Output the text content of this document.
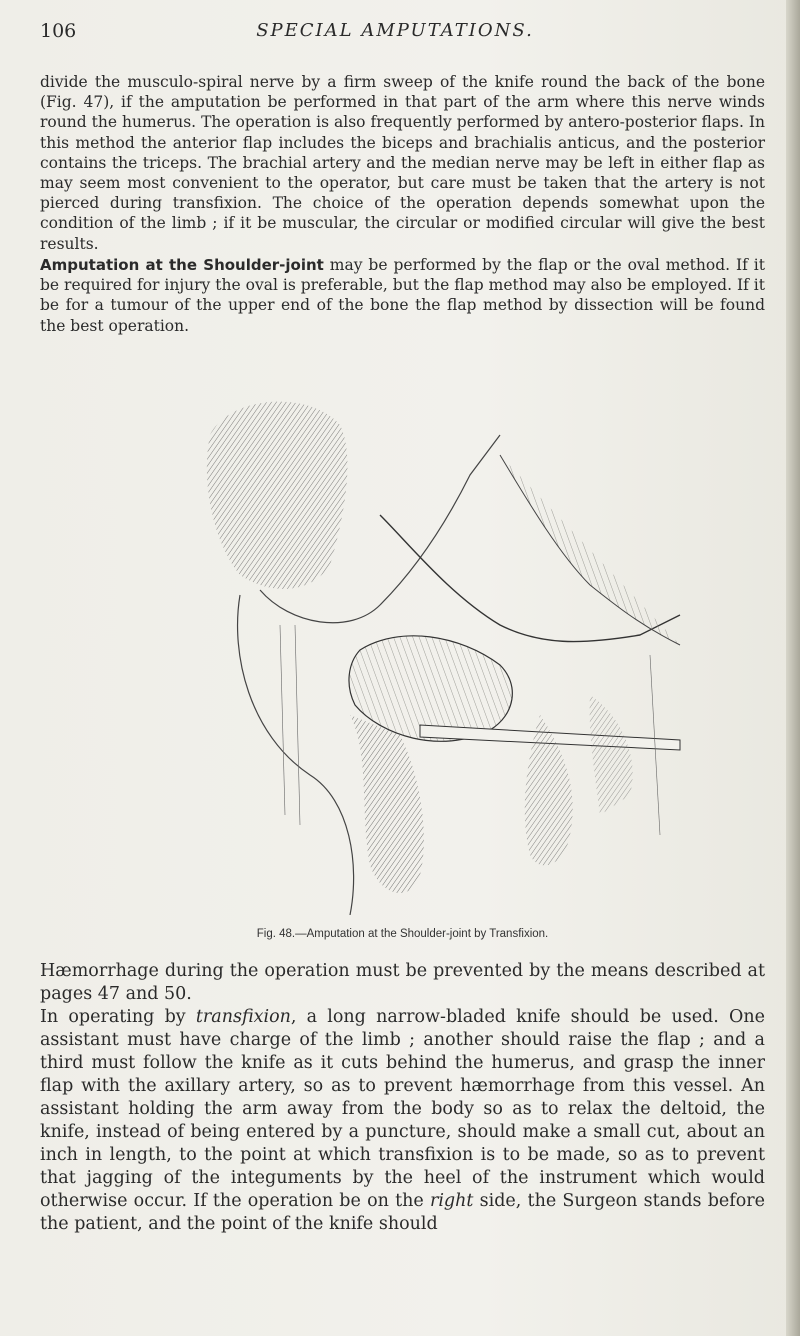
106	SPECIAL AMPUTATIONS.
divide the musculo-spiral nerve by a firm sweep of the knife round the back of the bone (Fig. 47), if the amputation be performed in that part of the arm where this nerve winds round the humerus. The operation is also frequently performed by antero-posterior flaps. In this method the anterior flap includes the biceps and brachialis anticus, and the posterior contains the triceps. The brachial artery and the median nerve may be left in either flap as may seem most convenient to the operator, but care must be taken that the artery is not pierced during transfixion. The choice of the operation depends somewhat upon the condition of the limb ; if it be muscular, the circular or modified circular will give the best results.
Amputation at the Shoulder-joint may be performed by the flap or the oval method. If it be required for injury the oval is preferable, but the flap method may also be employed. If it be for a tumour of the upper end of the bone the flap method by dissection will be found the best operation.
Fig. 48.—Amputation at the Shoulder-joint by Transfixion.

Hæmorrhage during the operation must be prevented by the means described at pages 47 and 50.

In operating by transfixion, a long narrow-bladed knife should be used. One assistant must have charge of the limb ; another should raise the flap ; and a third must follow the knife as it cuts behind the humerus, and grasp the inner flap with the axillary artery, so as to prevent hæmorrhage from this vessel. An assistant holding the arm away from the body so as to relax the deltoid, the knife, instead of being entered by a puncture, should make a small cut, about an inch in length, to the point at which transfixion is to be made, so as to prevent that jagging of the integuments by the heel of the instrument which would otherwise occur. If the operation be on the right side, the Surgeon stands before the patient, and the point of the knife should
